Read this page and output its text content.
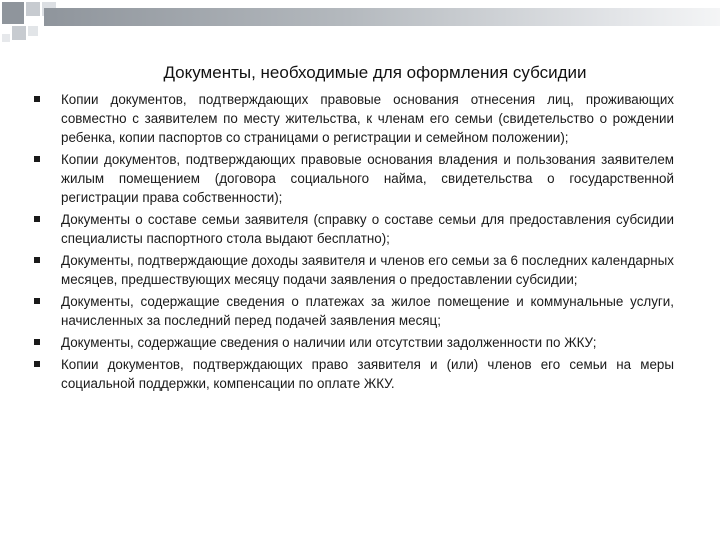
Документы, необходимые для оформления субсидии
Копии документов, подтверждающих правовые основания отнесения лиц, проживающих совместно с заявителем по месту жительства, к членам его семьи (свидетельство о рождении ребенка, копии паспортов со страницами о регистрации и семейном положении);
Копии документов, подтверждающих правовые основания владения и пользования заявителем жилым помещением (договора социального найма, свидетельства о государственной регистрации права собственности);
Документы о составе семьи заявителя (справку о составе семьи для предоставления субсидии специалисты паспортного стола выдают бесплатно);
Документы, подтверждающие доходы заявителя и членов его семьи за 6 последних календарных месяцев, предшествующих месяцу подачи заявления о предоставлении субсидии;
Документы, содержащие сведения о платежах за жилое помещение и коммунальные услуги, начисленных за последний перед подачей заявления месяц;
Документы, содержащие сведения о наличии или отсутствии задолженности по ЖКУ;
Копии документов, подтверждающих право заявителя и (или) членов его семьи на меры социальной поддержки, компенсации по оплате ЖКУ.
